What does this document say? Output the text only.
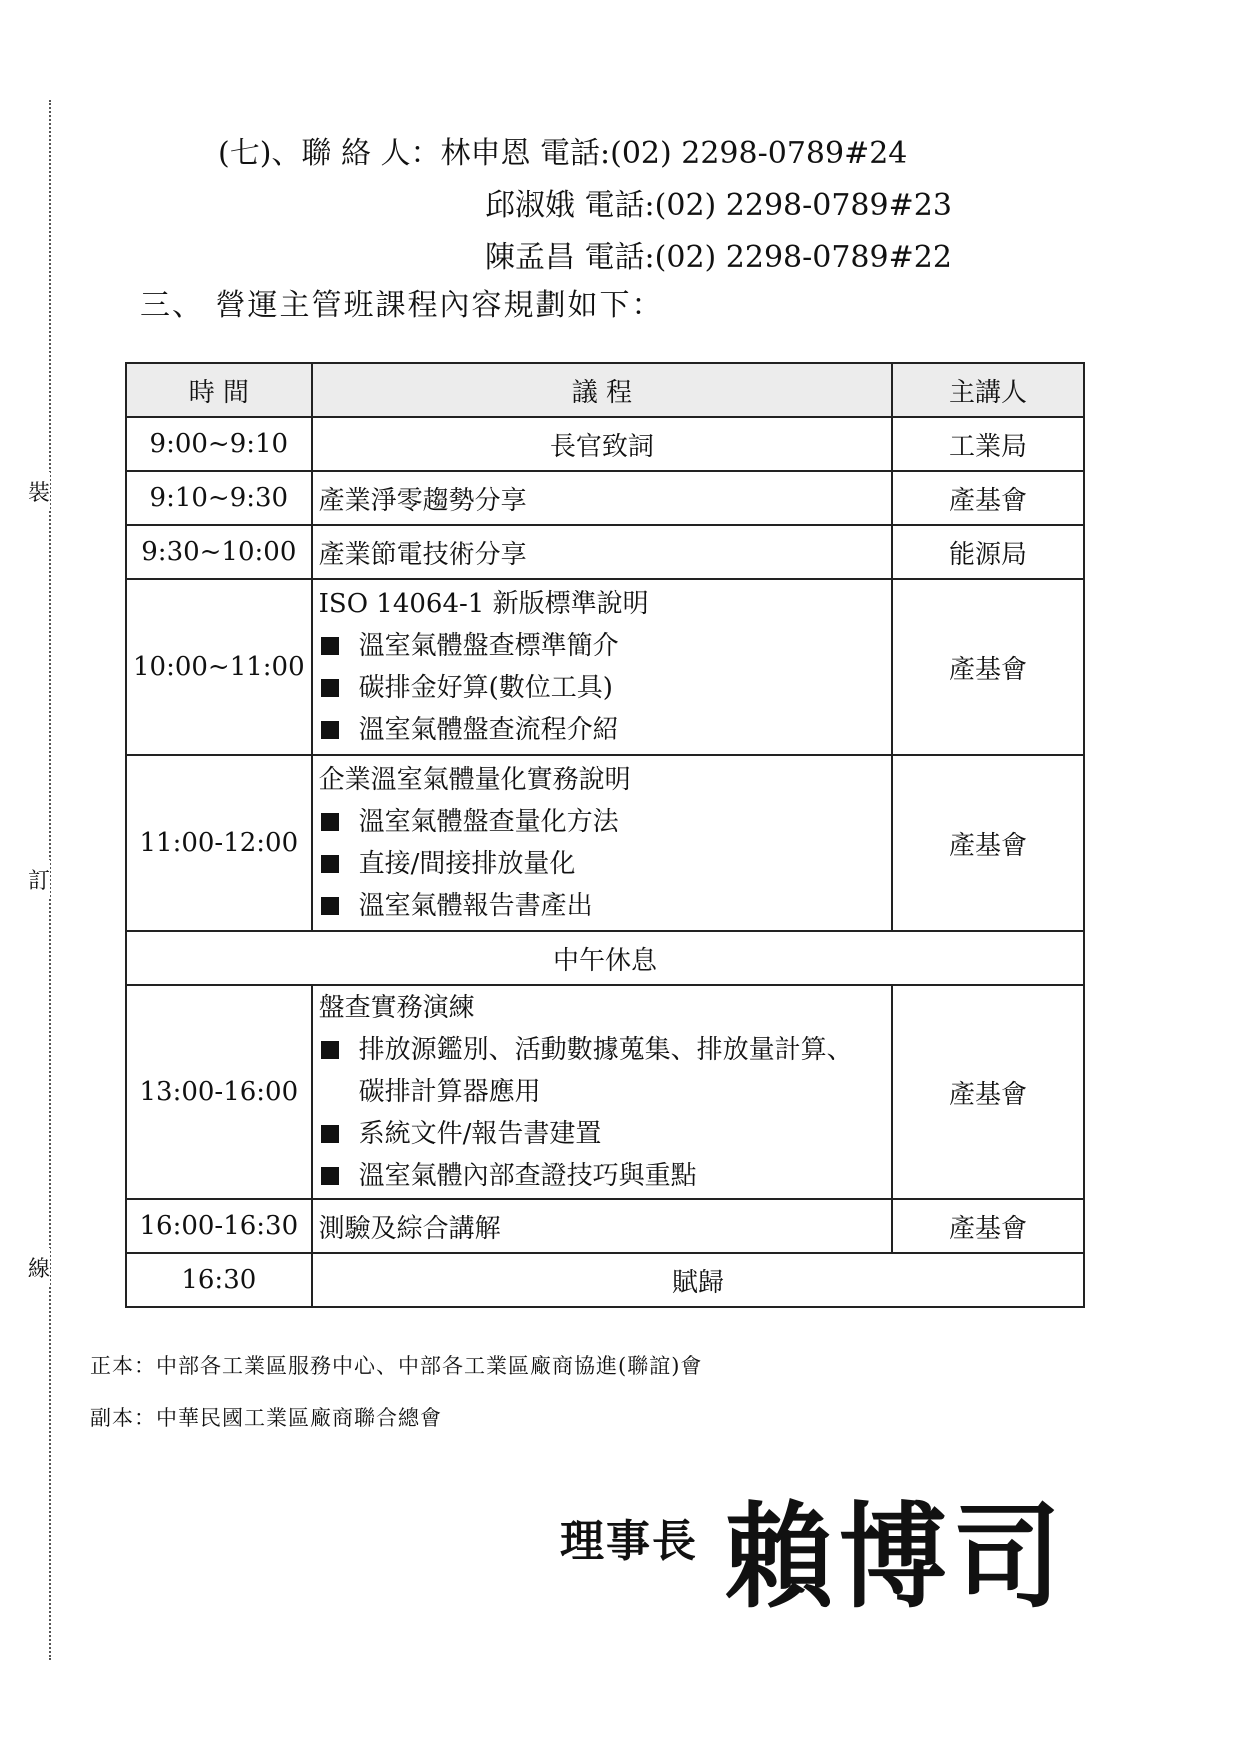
裝
訂
線
(七)、聯 絡 人：林申恩 電話:(02) 2298-0789#24
邱淑娥 電話:(02) 2298-0789#23
陳孟昌 電話:(02) 2298-0789#22
三、 營運主管班課程內容規劃如下：
時 間	議 程	主講人
9:00~9:10	長官致詞	工業局
9:10~9:30	產業淨零趨勢分享	產基會
9:30~10:00	產業節電技術分享	能源局
10:00~11:00	ISO 14064-1 新版標準說明
溫室氣體盤查標準簡介
碳排金好算(數位工具)
溫室氣體盤查流程介紹	產基會
11:00-12:00	企業溫室氣體量化實務說明
溫室氣體盤查量化方法
直接/間接排放量化
溫室氣體報告書產出	產基會
中午休息		
13:00-16:00	盤查實務演練
排放源鑑別、活動數據蒐集、排放量計算、碳排計算器應用
系統文件/報告書建置
溫室氣體內部查證技巧與重點	產基會
16:00-16:30	測驗及綜合講解	產基會
16:30	賦歸	
正本：中部各工業區服務中心、中部各工業區廠商協進(聯誼)會
副本：中華民國工業區廠商聯合總會
理事長 賴博司
